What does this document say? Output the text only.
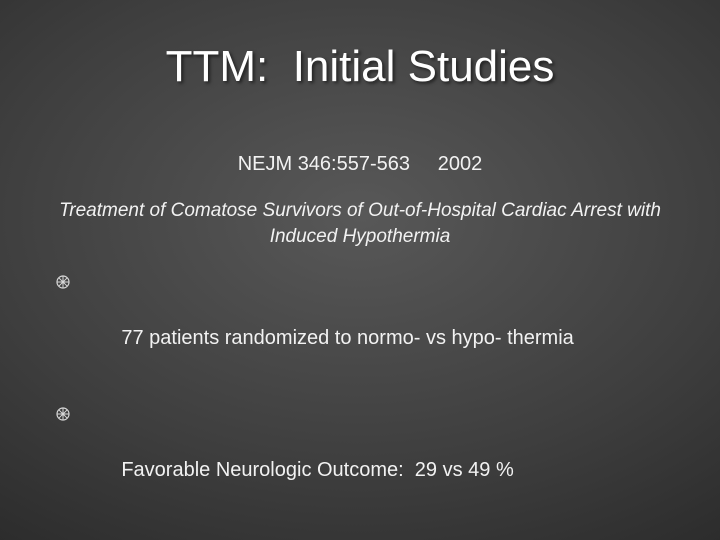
TTM:  Initial Studies
NEJM 346:557-563     2002
Treatment of Comatose Survivors of Out-of-Hospital Cardiac Arrest with Induced Hypothermia

77 patients randomized to normo- vs hypo- thermia

Favorable Neurologic Outcome:  29 vs 49 %
